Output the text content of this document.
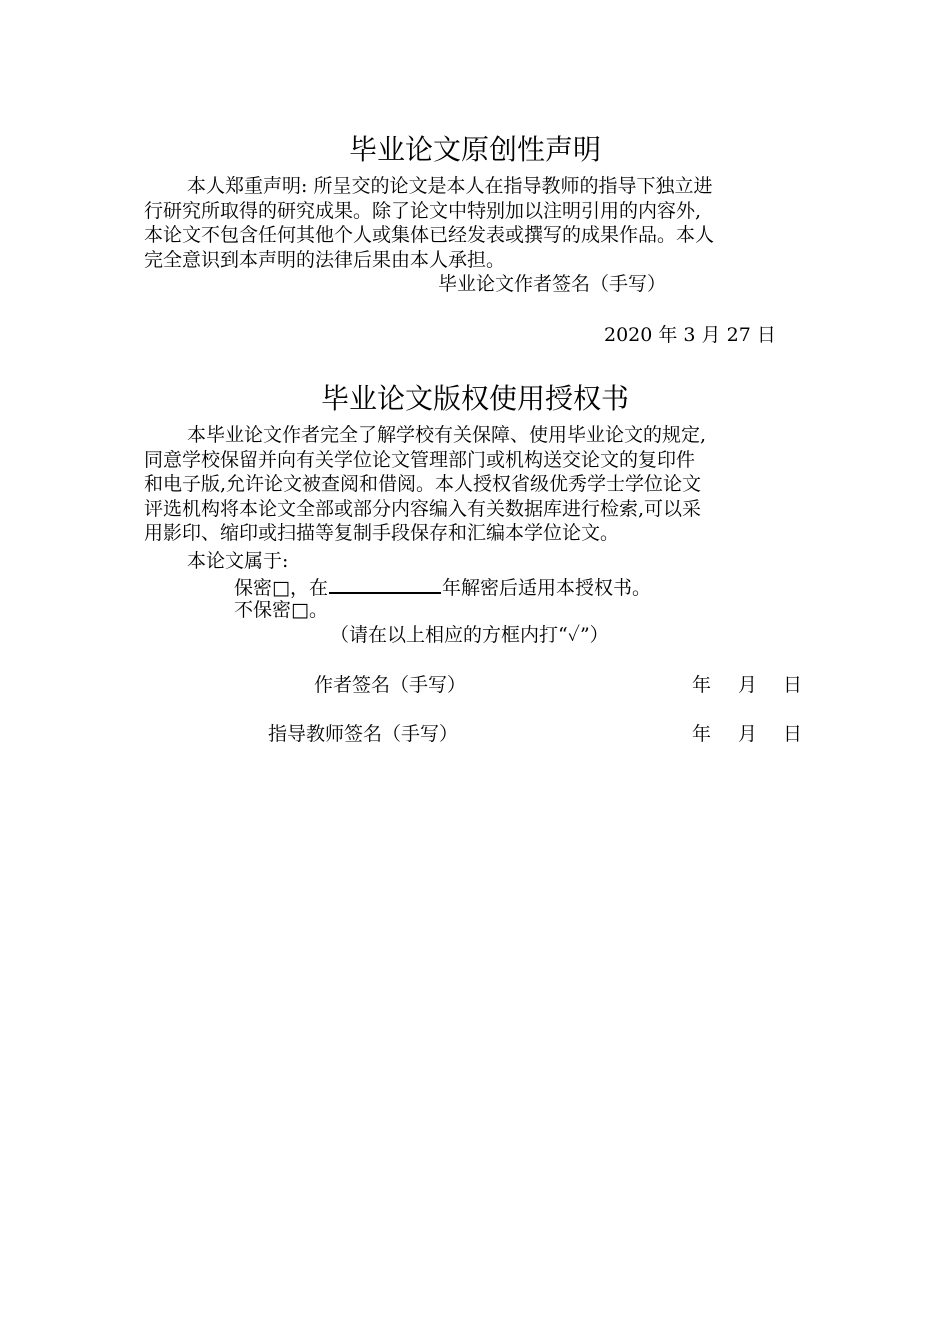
毕业论文原创性声明
本人郑重声明: 所呈交的论文是本人在指导教师的指导下独立进
行研究所取得的研究成果。除了论文中特别加以注明引用的内容外,
本论文不包含任何其他个人或集体已经发表或撰写的成果作品。本人
完全意识到本声明的法律后果由本人承担。
毕业论文作者签名（手写）
2020 年 3 月 27 日
毕业论文版权使用授权书
本毕业论文作者完全了解学校有关保障、使用毕业论文的规定,
同意学校保留并向有关学位论文管理部门或机构送交论文的复印件
和电子版,允许论文被查阅和借阅。本人授权省级优秀学士学位论文
评选机构将本论文全部或部分内容编入有关数据库进行检索,可以采
用影印、缩印或扫描等复制手段保存和汇编本学位论文。
本论文属于:
保密□，在	年解密后适用本授权书。
不保密□。
（请在以上相应的方框内打“✓”）
作者签名（手写）	年 月 日
指导教师签名（手写）	年 月 日
